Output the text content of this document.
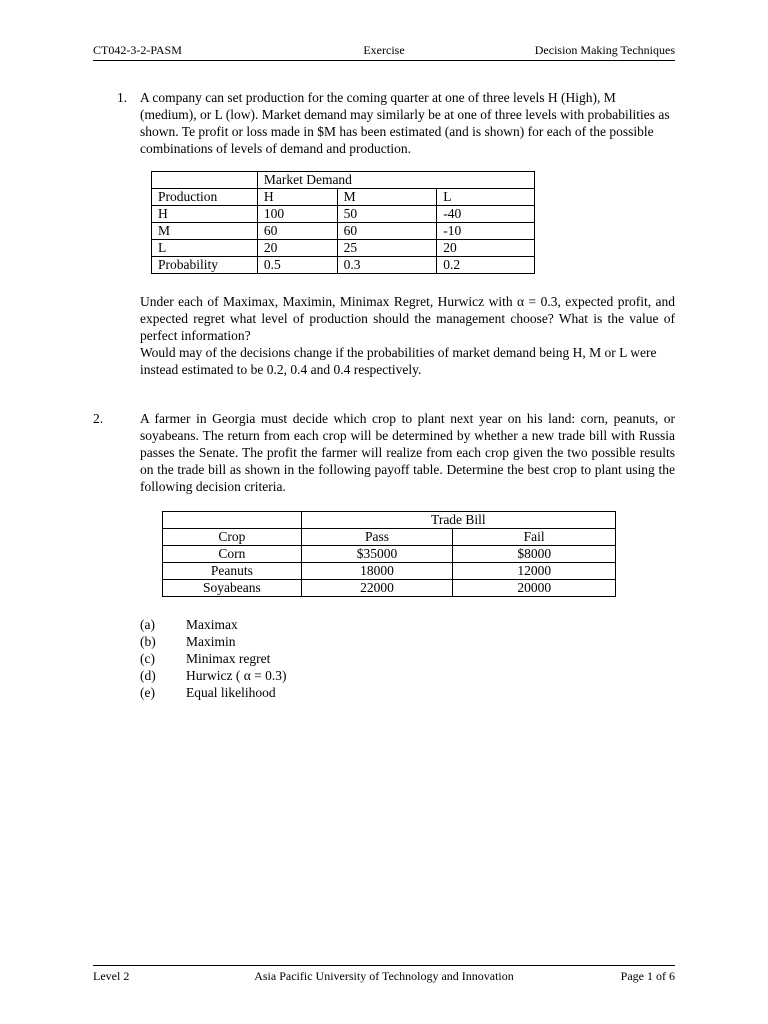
Exercise
CT042-3-2-PASM	Decision Making Techniques
1. A company can set production for the coming quarter at one of three levels H (High), M (medium), or L (low). Market demand may similarly be at one of three levels with probabilities as shown. Te profit or loss made in $M has been estimated (and is shown) for each of the possible combinations of levels of demand and production.

	Market Demand		
Production	H	M	L
H	100	50	-40
M	60	60	-10
L	20	25	20
Probability	0.5	0.3	0.2

Under each of Maximax, Maximin, Minimax Regret, Hurwicz with α = 0.3, expected profit, and expected regret what level of production should the management choose? What is the value of perfect information?

Would may of the decisions change if the probabilities of market demand being H, M or L were instead estimated to be 0.2, 0.4 and 0.4 respectively.

2.	A farmer in Georgia must decide which crop to plant next year on his land: corn, peanuts, or soyabeans. The return from each crop will be determined by whether a new trade bill with Russia passes the Senate. The profit the farmer will realize from each crop given the two possible results on the trade bill as shown in the following payoff table. Determine the best crop to plant using the following decision criteria.

	Trade Bill	
Crop	Pass	Fail
Corn	$35000	$8000
Peanuts	18000	12000
Soyabeans	22000	20000
(a) Maximax
(b) Maximin
(c) Minimax regret
(d) Hurwicz ( α = 0.3)
(e) Equal likelihood
Asia Pacific University of Technology and Innovation
Level 2	Page 1 of 6
